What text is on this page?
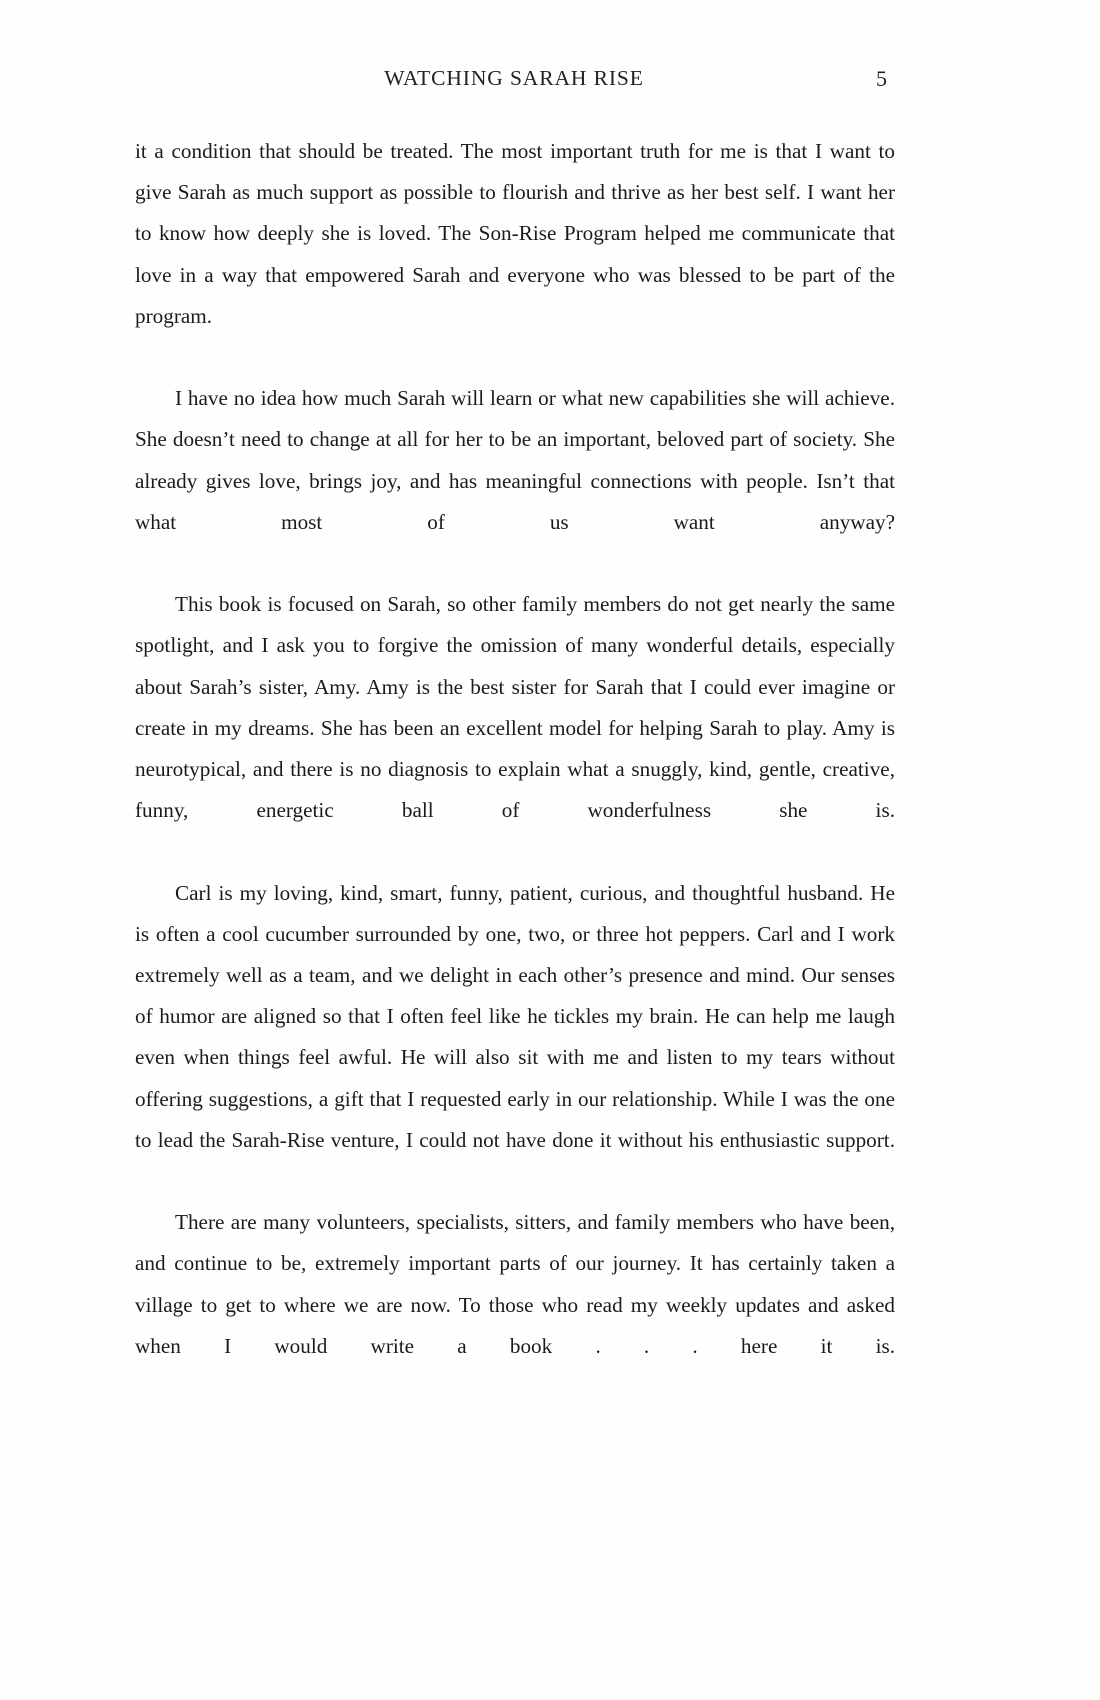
WATCHING SARAH RISE	5

it a condition that should be treated. The most important truth for me is that I want to give Sarah as much support as possible to flourish and thrive as her best self. I want her to know how deeply she is loved. The Son-Rise Program helped me communicate that love in a way that empowered Sarah and everyone who was blessed to be part of the program.

I have no idea how much Sarah will learn or what new capabilities she will achieve. She doesn’t need to change at all for her to be an important, beloved part of society. She already gives love, brings joy, and has meaningful connections with people. Isn’t that what most of us want anyway?

This book is focused on Sarah, so other family members do not get nearly the same spotlight, and I ask you to forgive the omission of many wonderful details, especially about Sarah’s sister, Amy. Amy is the best sister for Sarah that I could ever imagine or create in my dreams. She has been an excellent model for helping Sarah to play. Amy is neurotypical, and there is no diagnosis to explain what a snuggly, kind, gentle, creative, funny, energetic ball of wonderfulness she is.

Carl is my loving, kind, smart, funny, patient, curious, and thoughtful husband. He is often a cool cucumber surrounded by one, two, or three hot peppers. Carl and I work extremely well as a team, and we delight in each other’s presence and mind. Our senses of humor are aligned so that I often feel like he tickles my brain. He can help me laugh even when things feel awful. He will also sit with me and listen to my tears without offering suggestions, a gift that I requested early in our relationship. While I was the one to lead the Sarah-Rise venture, I could not have done it without his enthusiastic support.

There are many volunteers, specialists, sitters, and family members who have been, and continue to be, extremely important parts of our journey. It has certainly taken a village to get to where we are now. To those who read my weekly updates and asked when I would write a book . . . here it is.
